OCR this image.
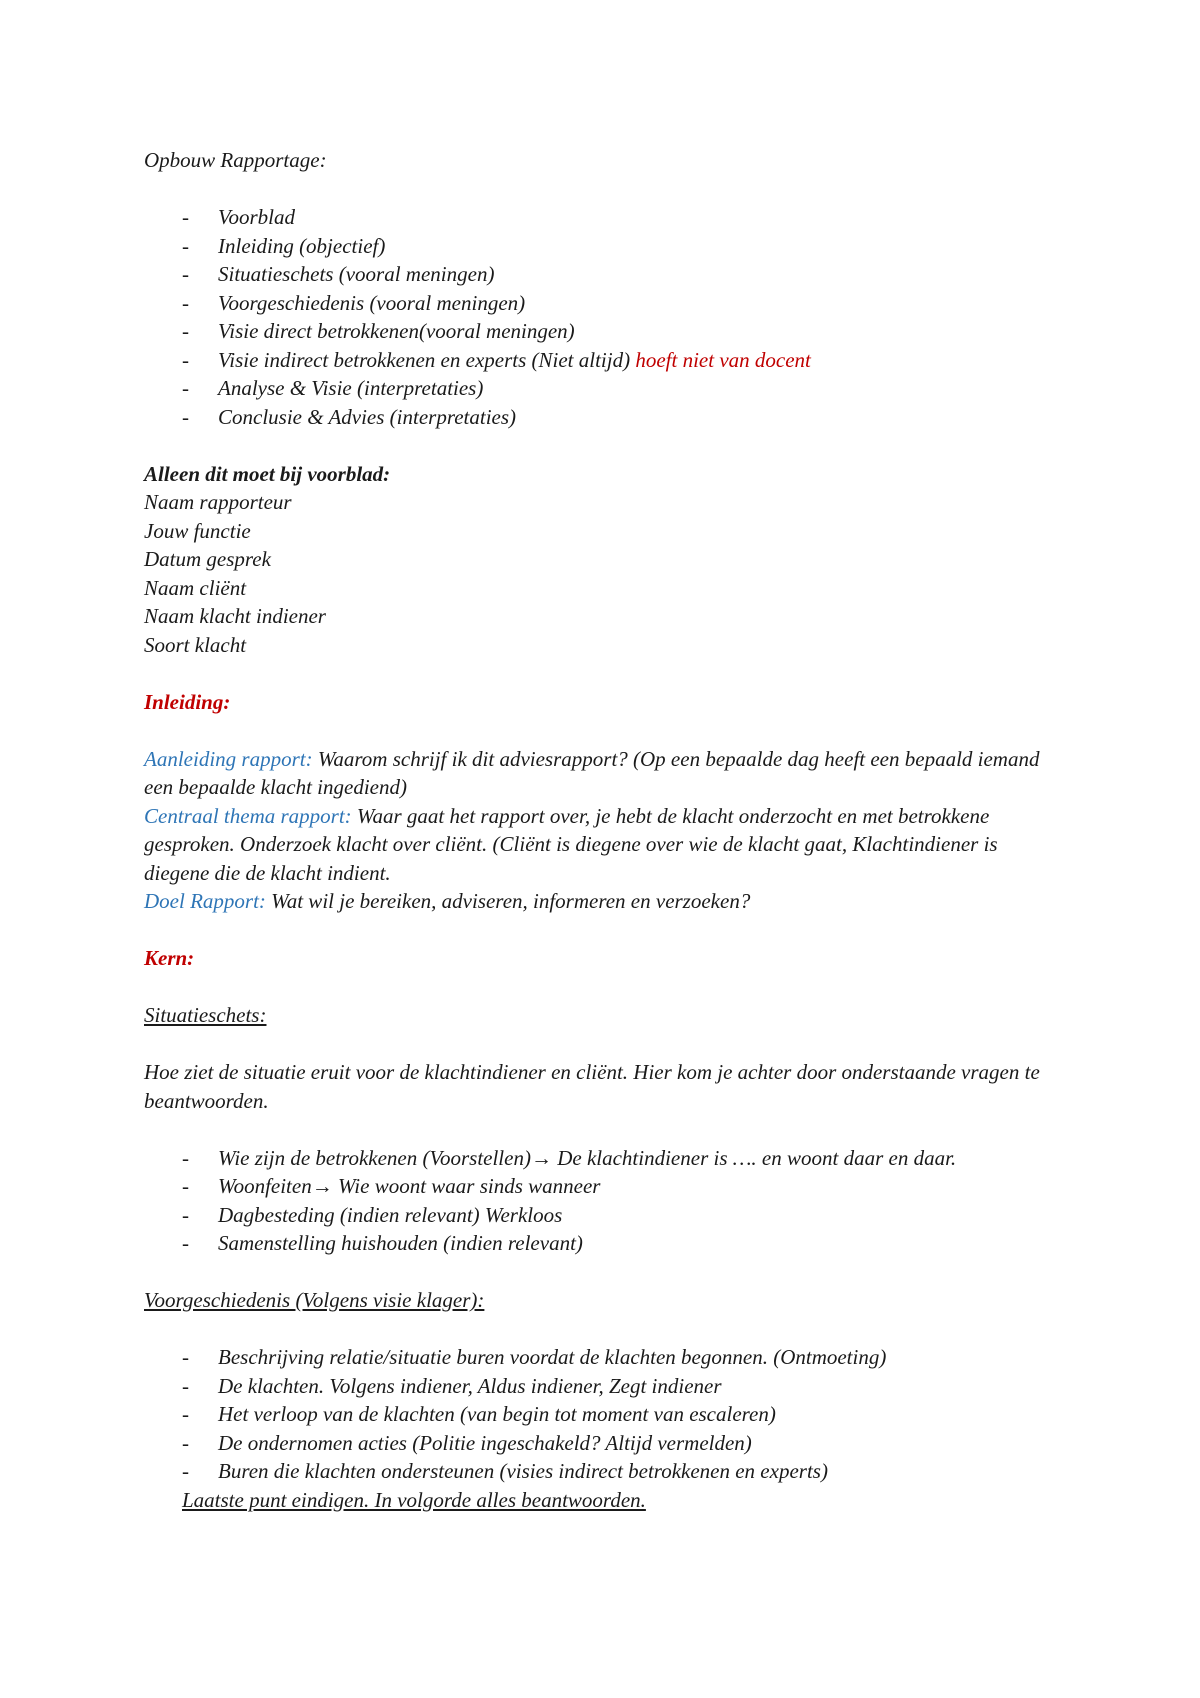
Opbouw Rapportage:
- Voorblad
- Inleiding (objectief)
- Situatieschets (vooral meningen)
- Voorgeschiedenis (vooral meningen)
- Visie direct betrokkenen(vooral meningen)
- Visie indirect betrokkenen en experts (Niet altijd) hoeft niet van docent
- Analyse & Visie (interpretaties)
- Conclusie & Advies (interpretaties)
Alleen dit moet bij voorblad:
Naam rapporteur
Jouw functie
Datum gesprek
Naam cliënt
Naam klacht indiener
Soort klacht
Inleiding:
Aanleiding rapport: Waarom schrijf ik dit adviesrapport? (Op een bepaalde dag heeft een bepaald iemand een bepaalde klacht ingediend)
Centraal thema rapport: Waar gaat het rapport over, je hebt de klacht onderzocht en met betrokkene gesproken. Onderzoek klacht over cliënt. (Cliënt is diegene over wie de klacht gaat, Klachtindiener is diegene die de klacht indient.
Doel Rapport: Wat wil je bereiken, adviseren, informeren en verzoeken?
Kern:
Situatieschets:
Hoe ziet de situatie eruit voor de klachtindiener en cliënt. Hier kom je achter door onderstaande vragen te beantwoorden.
- Wie zijn de betrokkenen (Voorstellen)→ De klachtindiener is …. en woont daar en daar.
- Woonfeiten→ Wie woont waar sinds wanneer
- Dagbesteding (indien relevant) Werkloos
- Samenstelling huishouden (indien relevant)
Voorgeschiedenis (Volgens visie klager):
- Beschrijving relatie/situatie buren voordat de klachten begonnen. (Ontmoeting)
- De klachten. Volgens indiener, Aldus indiener, Zegt indiener
- Het verloop van de klachten (van begin tot moment van escaleren)
- De ondernomen acties (Politie ingeschakeld? Altijd vermelden)
- Buren die klachten ondersteunen (visies indirect betrokkenen en experts)
Laatste punt eindigen. In volgorde alles beantwoorden.
